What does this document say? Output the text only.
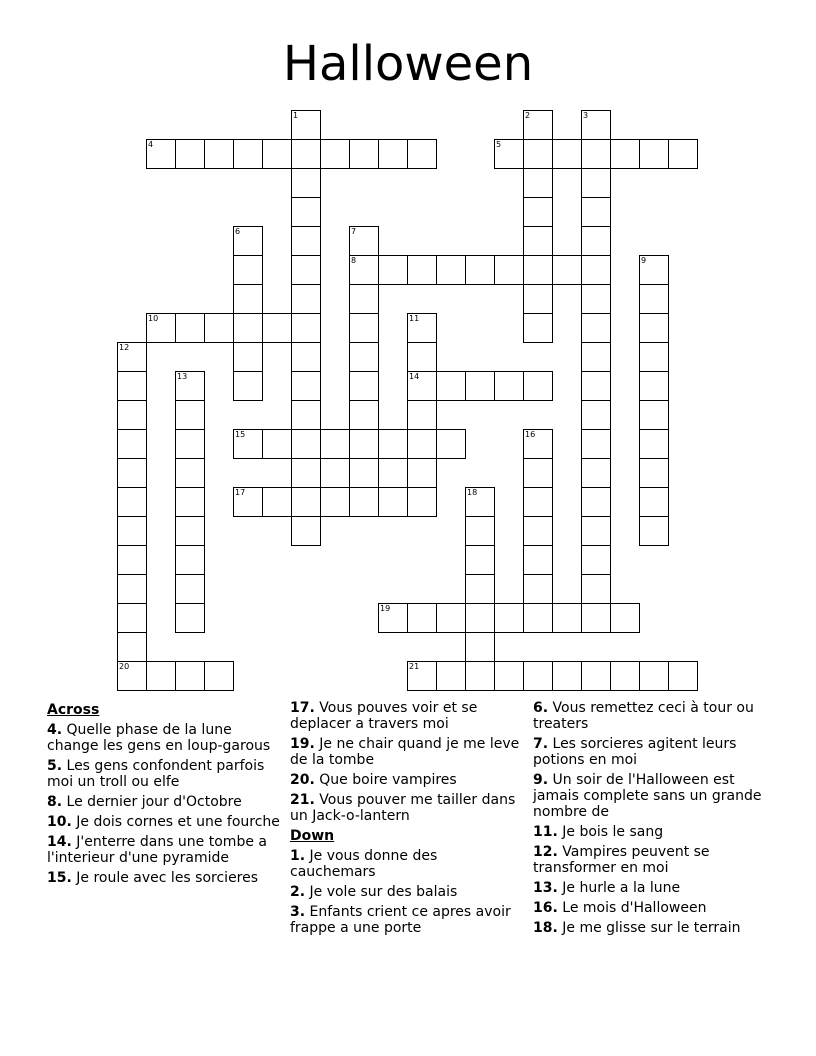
Halloween
1	2	3
4	5
6	7
8	9
10	11
14
12
20
13
15	16
17	18
19
21
Across
4. Quelle phase de la lune change les gens en loup-garous
5. Les gens confondent parfois moi un troll ou elfe
8. Le dernier jour d'Octobre
10. Je dois cornes et une fourche
14. J'enterre dans une tombe a l'interieur d'une pyramide
15. Je roule avec les sorcieres
17. Vous pouves voir et se deplacer a travers moi
19. Je ne chair quand je me leve de la tombe
20. Que boire vampires
21. Vous pouver me tailler dans un Jack-o-lantern
Down
1. Je vous donne des cauchemars
2. Je vole sur des balais
3. Enfants crient ce apres avoir frappe a une porte
6. Vous remettez ceci à tour ou treaters
7. Les sorcieres agitent leurs potions en moi
9. Un soir de l'Halloween est jamais complete sans un grande nombre de
11. Je bois le sang
12. Vampires peuvent se transformer en moi
13. Je hurle a la lune
16. Le mois d'Halloween
18. Je me glisse sur le terrain
